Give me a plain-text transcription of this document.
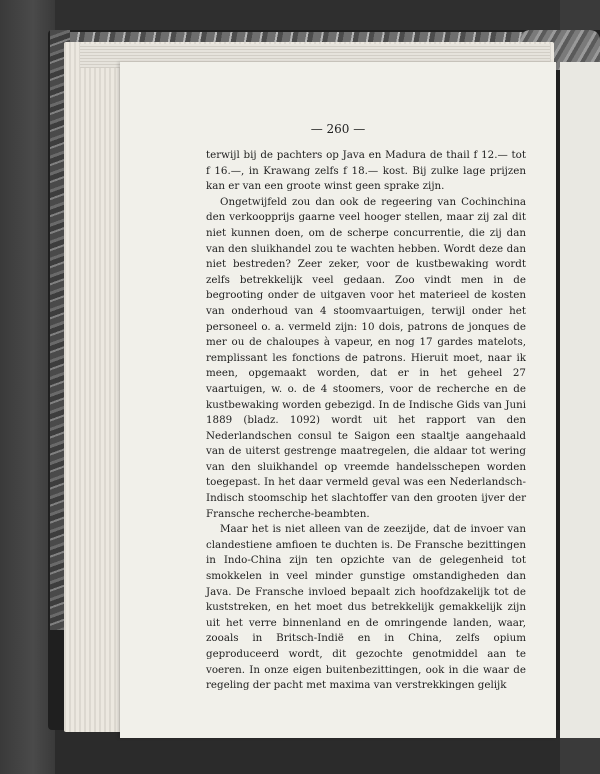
— 260 —

terwijl bij de pachters op Java en Madura de thail f 12.— tot f 16.—, in Krawang zelfs f 18.— kost. Bij zulke lage prijzen kan er van een groote winst geen sprake zijn.

Ongetwijfeld zou dan ook de regeering van Cochinchina den verkoopprijs gaarne veel hooger stellen, maar zij zal dit niet kunnen doen, om de scherpe concurrentie, die zij dan van den sluikhandel zou te wachten hebben. Wordt deze dan niet bestreden? Zeer zeker, voor de kustbewaking wordt zelfs betrekkelijk veel gedaan. Zoo vindt men in de begrooting onder de uitgaven voor het materieel de kosten van onderhoud van 4 stoomvaartuigen, terwijl onder het personeel o. a. vermeld zijn: 10 dois, patrons de jonques de mer ou de chaloupes à vapeur, en nog 17 gardes matelots, remplissant les fonctions de patrons. Hieruit moet, naar ik meen, opgemaakt worden, dat er in het geheel 27 vaartuigen, w. o. de 4 stoomers, voor de recherche en de kustbewaking worden gebezigd. In de Indische Gids van Juni 1889 (bladz. 1092) wordt uit het rapport van den Nederlandschen consul te Saigon een staaltje aangehaald van de uiterst gestrenge maatregelen, die aldaar tot wering van den sluikhandel op vreemde handelsschepen worden toegepast. In het daar vermeld geval was een Nederlandsch-Indisch stoomschip het slachtoffer van den grooten ijver der Fransche recherche-beambten.

Maar het is niet alleen van de zeezijde, dat de invoer van clandestiene amfioen te duchten is. De Fransche bezittingen in Indo-China zijn ten opzichte van de gelegenheid tot smokkelen in veel minder gunstige omstandigheden dan Java. De Fransche invloed bepaalt zich hoofdzakelijk tot de kuststreken, en het moet dus betrekkelijk gemakkelijk zijn uit het verre binnenland en de omringende landen, waar, zooals in Britsch-Indië en in China, zelfs opium geproduceerd wordt, dit gezochte genotmiddel aan te voeren. In onze eigen buitenbezittingen, ook in die waar de regeling der pacht met maxima van verstrekkingen gelijk
